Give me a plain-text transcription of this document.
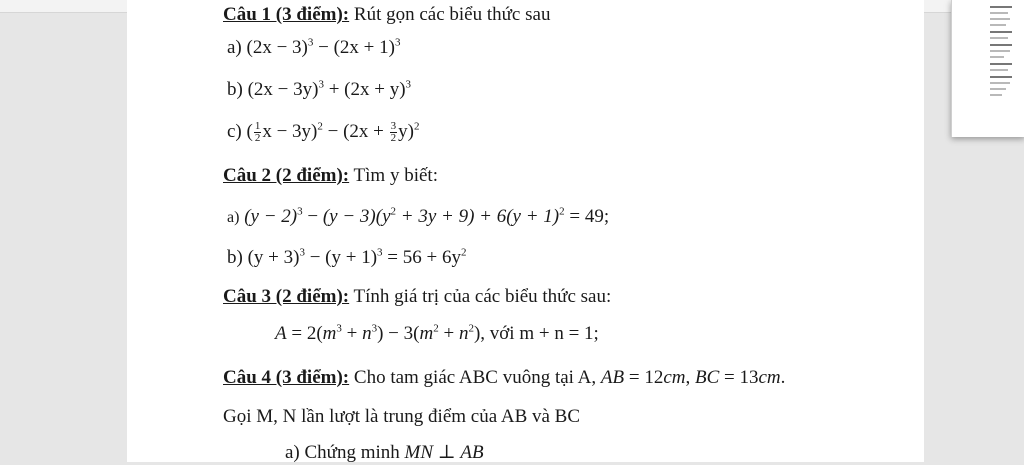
Câu 1 (3 điểm): Rút gọn các biểu thức sau
a) $(2x - 3)^3 - (2x + 1)^3$
b) $(2x - 3y)^3 + (2x + y)^3$
c) ( $\frac{1}{2}$ $x - 3y)^2 - (2x + \frac{3}{2} y)^2$
Câu 2 (2 điểm): Tìm y biết:
a) $(y - 2)^3 - (y - 3)(y^2 + 3y + 9) + 6(y + 1)^2 = 49$;
b) $(y + 3)^3 - (y + 1)^3 = 56 + 6y^2$
Câu 3 (2 điểm): Tính giá trị của các biểu thức sau:
$A = 2(m^3 + n^3) - 3(m^2 + n^2)$, với m + n = 1;
Câu 4 (3 điểm): Cho tam giác ABC vuông tại A, AB = 12cm, BC = 13cm.
Gọi M, N lần lượt là trung điểm của AB và BC
a) Chứng minh MN ⊥ AB
